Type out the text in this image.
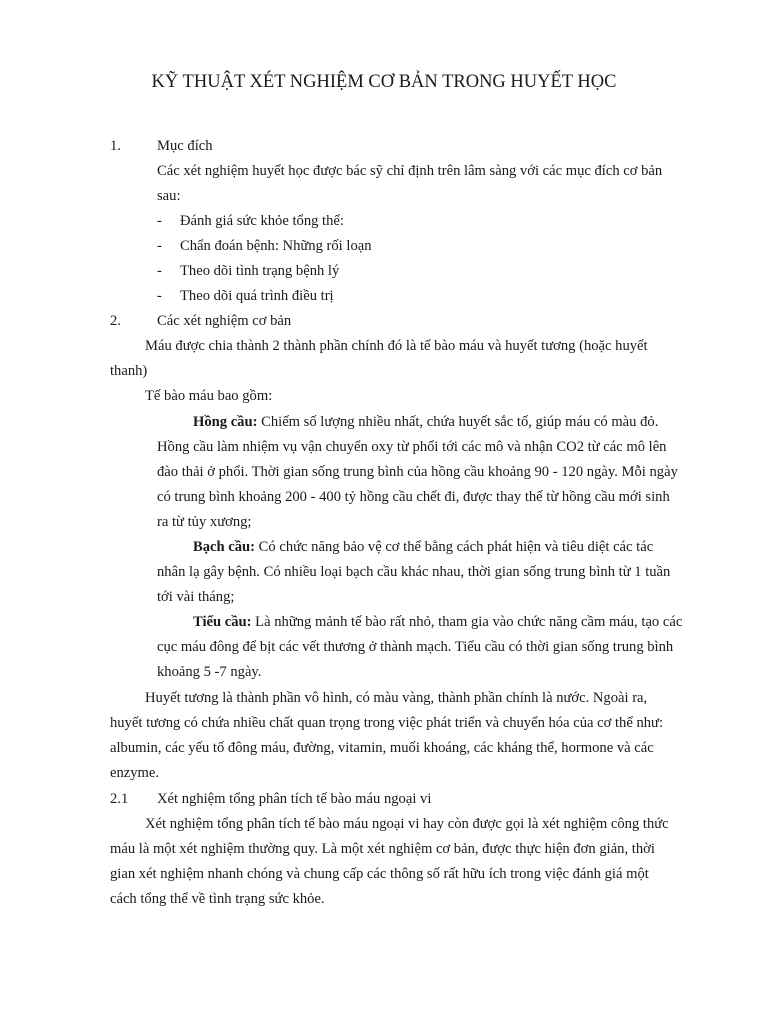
KỸ THUẬT XÉT NGHIỆM CƠ BẢN TRONG HUYẾT HỌC
1. Mục đích
Các xét nghiệm huyết học được bác sỹ chỉ định trên lâm sàng với các mục đích cơ bản
sau:
- Đánh giá sức khỏe tổng thể:
- Chẩn đoán bệnh: Những rối loạn
- Theo dõi tình trạng bệnh lý
- Theo dõi quá trình điều trị
2. Các xét nghiệm cơ bản
Máu được chia thành 2 thành phần chính đó là tế bào máu và huyết tương (hoặc huyết
thanh)
Tế bào máu bao gồm:
Hồng cầu: Chiếm số lượng nhiều nhất, chứa huyết sắc tố, giúp máu có màu đỏ.
Hồng cầu làm nhiệm vụ vận chuyển oxy từ phổi tới các mô và nhận CO2 từ các mô lên
đào thải ở phổi. Thời gian sống trung bình của hồng cầu khoảng 90 - 120 ngày. Mỗi ngày
có trung bình khoảng 200 - 400 tỷ hồng cầu chết đi, được thay thế từ hồng cầu mới sinh
ra từ tủy xương;
Bạch cầu: Có chức năng bảo vệ cơ thể bằng cách phát hiện và tiêu diệt các tác
nhân lạ gây bệnh. Có nhiều loại bạch cầu khác nhau, thời gian sống trung bình từ 1 tuần
tới vài tháng;
Tiểu cầu: Là những mảnh tế bào rất nhỏ, tham gia vào chức năng cầm máu, tạo các
cục máu đông để bịt các vết thương ở thành mạch. Tiểu cầu có thời gian sống trung bình
khoảng 5 -7 ngày.
Huyết tương là thành phần vô hình, có màu vàng, thành phần chính là nước. Ngoài ra,
huyết tương có chứa nhiều chất quan trọng trong việc phát triển và chuyển hóa của cơ thể như:
albumin, các yếu tố đông máu, đường, vitamin, muối khoáng, các kháng thể, hormone và các
enzyme.
2.1 Xét nghiệm tổng phân tích tế bào máu ngoại vi
Xét nghiệm tổng phân tích tế bào máu ngoại vi hay còn được gọi là xét nghiệm công thức
máu là một xét nghiệm thường quy. Là một xét nghiệm cơ bản, được thực hiện đơn giản, thời
gian xét nghiệm nhanh chóng và chung cấp các thông số rất hữu ích trong việc đánh giá một
cách tổng thể về tình trạng sức khỏe.
